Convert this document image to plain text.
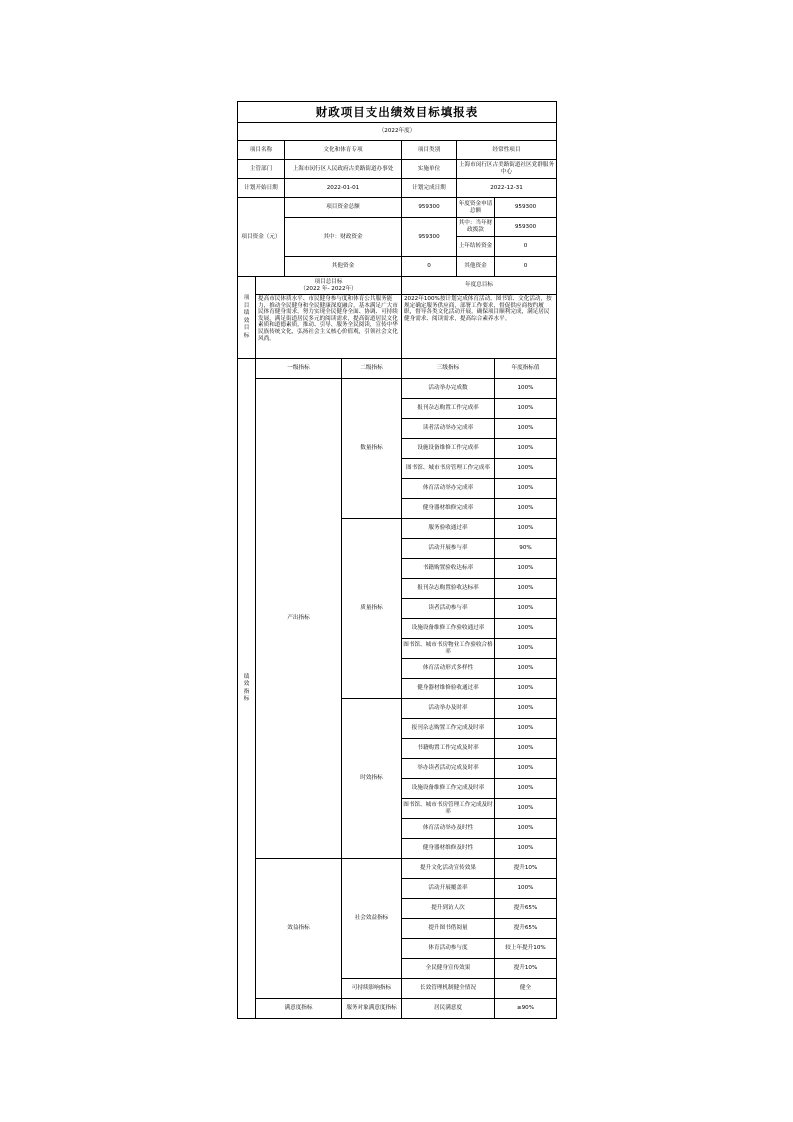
财政项目支出绩效目标填报表						
（2022年度）						
项目名称		文化和体育专项		项目类别	经常性项目	
主管部门		上海市闵行区人民政府古美路街道办事处		实施单位	上海市闵行区古美路街道社区党群服务中心	
计划开始日期		2022-01-01		计划完成日期	2022-12-31	
项目资金（元）		项目资金总额		959300	年度资金申请总额	959300
		其中：财政资金		959300	其中：当年财政拨款	959300
					上年结转资金	0
		其他资金		0	其他资金	0
项目绩效目标	项目总目标
（2022 年- 2022年）			年度总目标		
	提高市民体质水平、市民健身参与度和体育公共服务能力，推动全民健身和全民健康深度融合，基本满足广大市民体育健身需求，努力实现全民健身全面、协调、可持续发展，满足街道居民多元的阅读需求，提高街道居民文化素质和道德素质，推动、引导、服务全民阅读，宣传中华民族传统文化，弘扬社会主义核心价值观，引领社会文化风尚。			2022年100%按计划完成体育活动、图书馆、文化活动，按规定确定服务供应商，部署工作要求，督促供应商按约履职，督导各类文化活动开展，确保项目顺利完成，满足居民健身需求、阅读需求，提高综合素养水平。		
绩效指标	一级指标		二级指标	三级指标		年度指标值
	产出指标		数量指标	活动举办完成数		100%
				报刊杂志购置工作完成率		100%
				读者活动举办完成率		100%
				设施设备维修工作完成率		100%
				图书馆、城市书房管理工作完成率		100%
				体育活动举办完成率		100%
				健身器材维修完成率		100%
			质量指标	服务验收通过率		100%
				活动开展参与率		90%
				书籍购置验收达标率		100%
				报刊杂志购置验收达标率		100%
				读者活动参与率		100%
				设施设备维修工作验收通过率		100%
				图书馆、城市书房物业工作验收合格率		100%
				体育活动形式多样性		100%
				健身器材维修验收通过率		100%
			时效指标	活动举办及时率		100%
				报刊杂志购置工作完成及时率		100%
				书籍购置工作完成及时率		100%
				举办读者活动完成及时率		100%
				设施设备维修工作完成及时率		100%
				图书馆、城市书房管理工作完成及时率		100%
				体育活动举办及时性		100%
				健身器材维修及时性		100%
	效益指标		社会效益指标	提升文化活动宣传效果		提升10%
				活动开展覆盖率		100%
				提升到访人次		提升65%
				提升图书借阅量		提升65%
				体育活动参与度		较上年提升10%
				全民健身宣传效果		提升10%
			可持续影响指标	长效管理机制健全情况		健全
	满意度指标		服务对象满意度指标	居民满意度		≥90%
